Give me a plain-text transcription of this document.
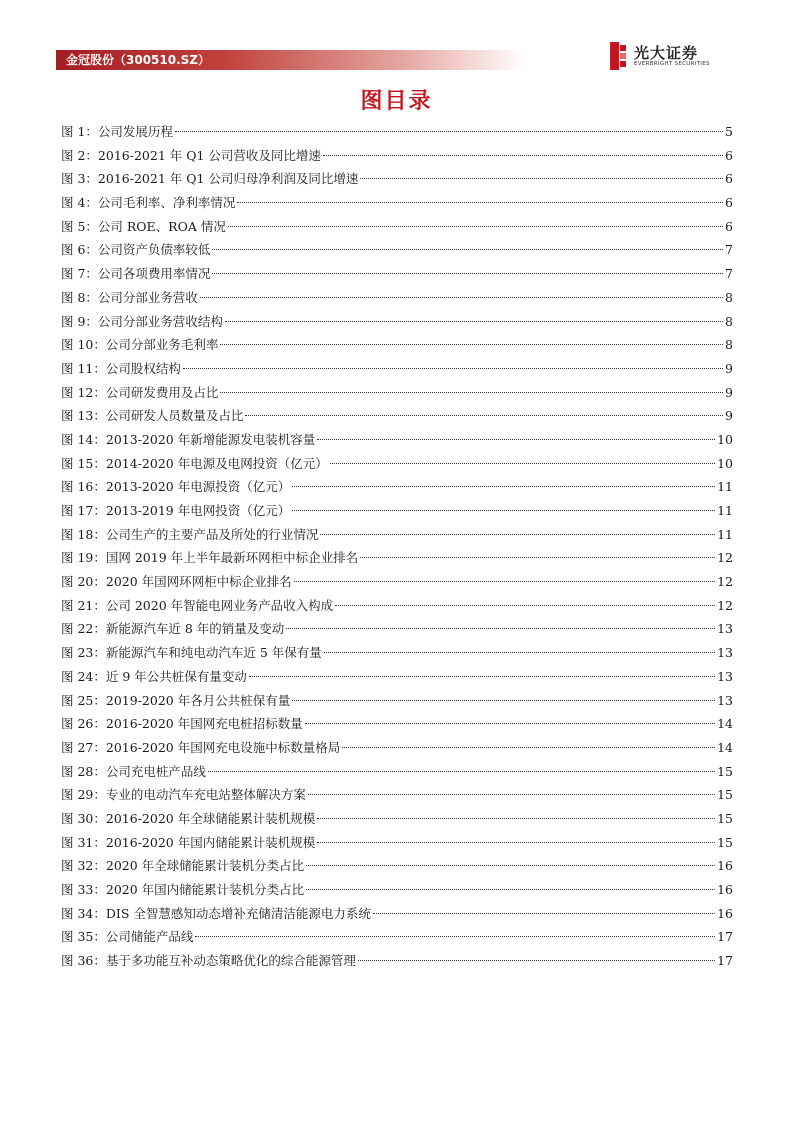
金冠股份（300510.SZ）	光大证券
EVERBRIGHT SECURITIES
图目录
图 1：公司发展历程	5
图 2：2016-2021 年 Q1 公司营收及同比增速	6
图 3：2016-2021 年 Q1 公司归母净利润及同比增速	6
图 4：公司毛利率、净利率情况	6
图 5：公司 ROE、ROA 情况	6
图 6：公司资产负债率较低	7
图 7：公司各项费用率情况	7
图 8：公司分部业务营收	8
图 9：公司分部业务营收结构	8
图 10：公司分部业务毛利率	8
图 11：公司股权结构	9
图 12：公司研发费用及占比	9
图 13：公司研发人员数量及占比	9
图 14：2013-2020 年新增能源发电装机容量	10
图 15：2014-2020 年电源及电网投资（亿元）	10
图 16：2013-2020 年电源投资（亿元）	11
图 17：2013-2019 年电网投资（亿元）	11
图 18：公司生产的主要产品及所处的行业情况	11
图 19：国网 2019 年上半年最新环网柜中标企业排名	12
图 20：2020 年国网环网柜中标企业排名	12
图 21：公司 2020 年智能电网业务产品收入构成	12
图 22：新能源汽车近 8 年的销量及变动	13
图 23：新能源汽车和纯电动汽车近 5 年保有量	13
图 24：近 9 年公共桩保有量变动	13
图 25：2019-2020 年各月公共桩保有量	13
图 26：2016-2020 年国网充电桩招标数量	14
图 27：2016-2020 年国网充电设施中标数量格局	14
图 28：公司充电桩产品线	15
图 29：专业的电动汽车充电站整体解决方案	15
图 30：2016-2020 年全球储能累计装机规模	15
图 31：2016-2020 年国内储能累计装机规模	15
图 32：2020 年全球储能累计装机分类占比	16
图 33：2020 年国内储能累计装机分类占比	16
图 34：DIS 全智慧感知动态增补充储清洁能源电力系统	16
图 35：公司储能产品线	17
图 36：基于多功能互补动态策略优化的综合能源管理	17
